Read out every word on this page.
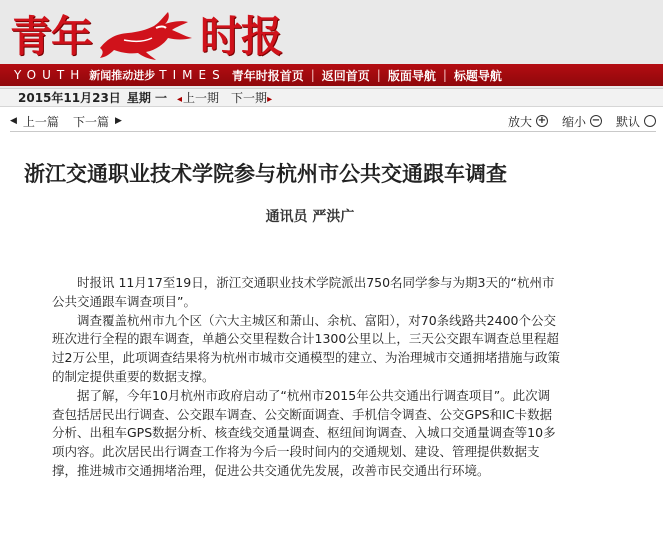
青年	时报
YOUTH 新闻推动进步 TIMES 青年时报首页 | 返回首页 | 版面导航 | 标题导航
2015年11月23日 星期 一 ◂上一期 下一期▸
◀ 上一篇 下一篇 ▶	放大 + 缩小 − 默认
浙江交通职业技术学院参与杭州市公共交通跟车调查
通讯员 严洪广

时报讯 11月17至19日，浙江交通职业技术学院派出750名同学参与为期3天的“杭州市公共交通跟车调查项目”。

调查覆盖杭州市九个区（六大主城区和萧山、余杭、富阳），对70条线路共2400个公交班次进行全程的跟车调查，单趟公交里程数合计1300公里以上，三天公交跟车调查总里程超过2万公里，此项调查结果将为杭州市城市交通模型的建立、为治理城市交通拥堵措施与政策的制定提供重要的数据支撑。

据了解，今年10月杭州市政府启动了“杭州市2015年公共交通出行调查项目”。此次调查包括居民出行调查、公交跟车调查、公交断面调查、手机信令调查、公交GPS和IC卡数据分析、出租车GPS数据分析、核查线交通量调查、枢纽间询调查、入城口交通量调查等10多项内容。此次居民出行调查工作将为今后一段时间内的交通规划、建设、管理提供数据支撑，推进城市交通拥堵治理，促进公共交通优先发展，改善市民交通出行环境。
